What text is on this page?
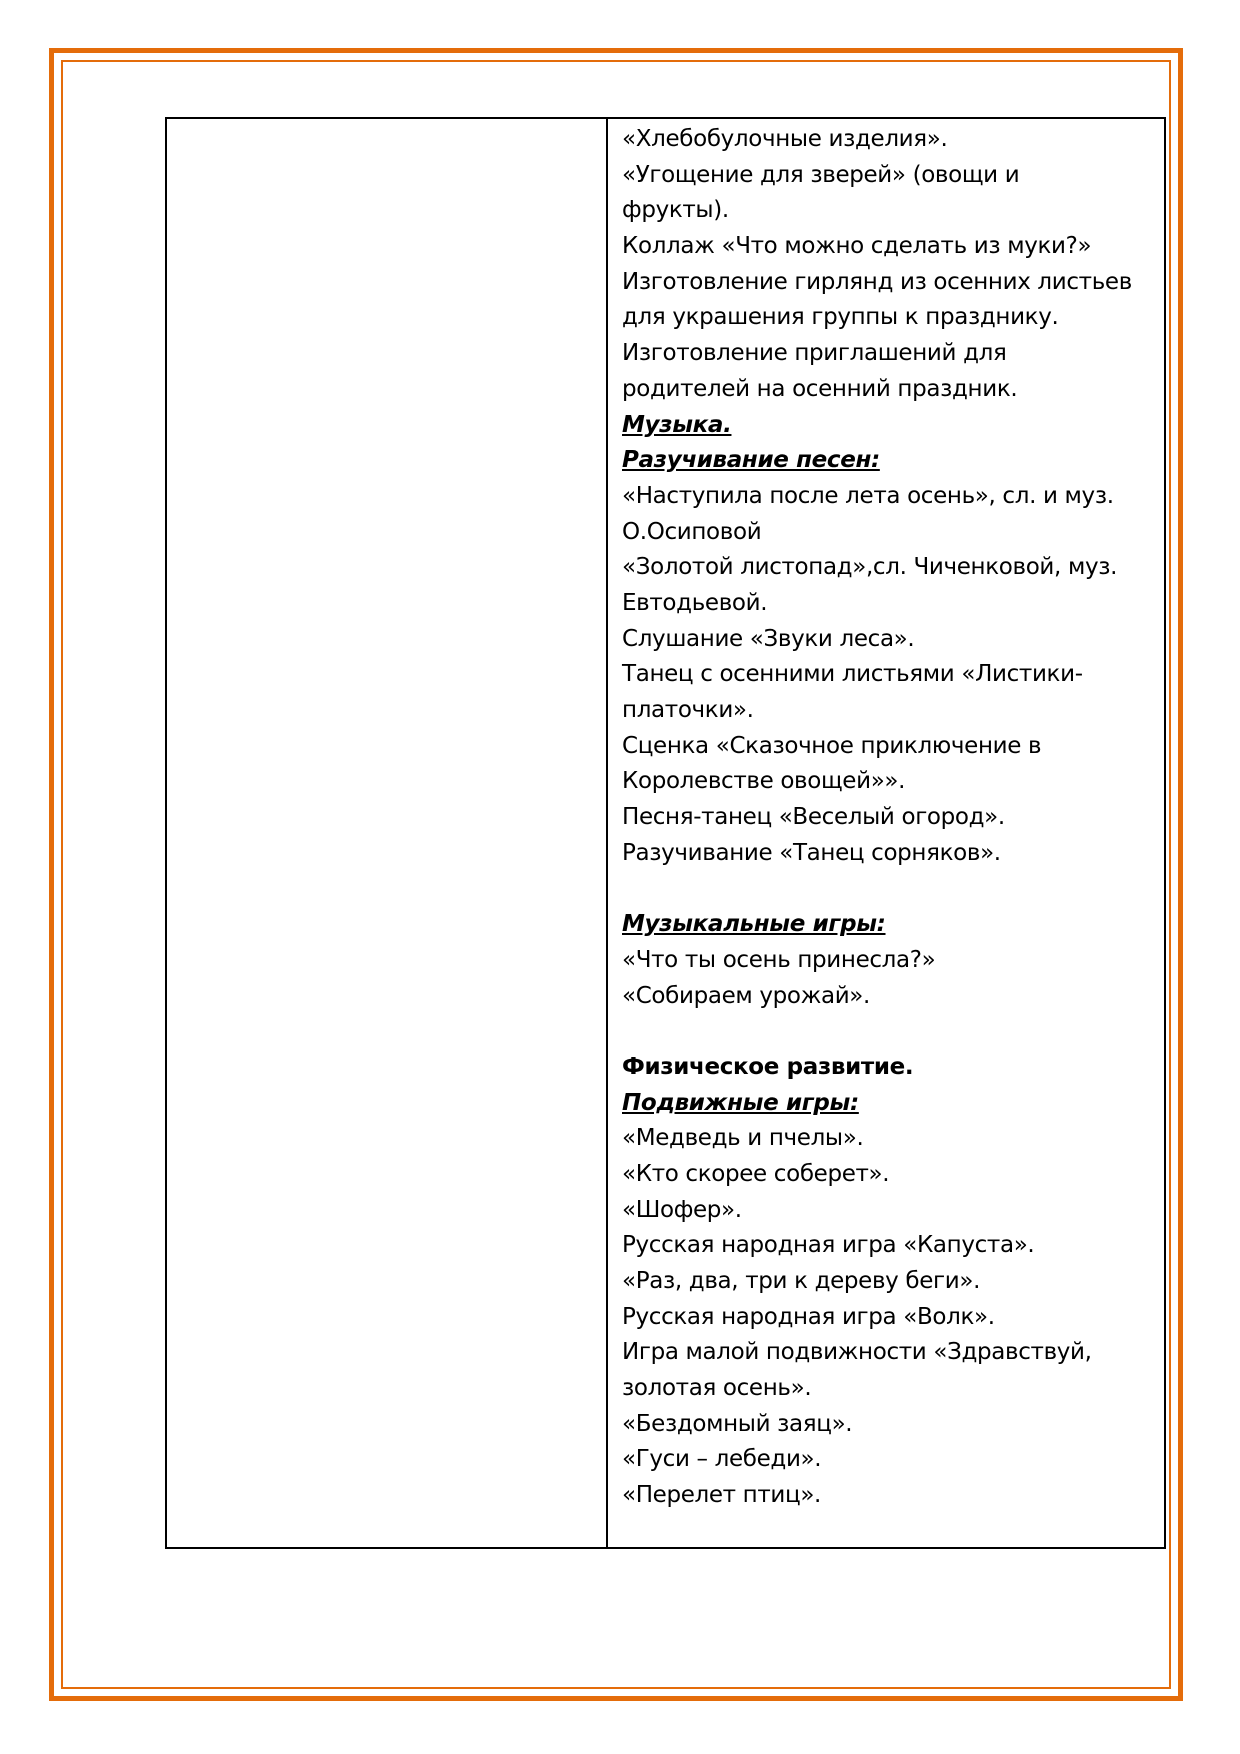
«Хлебобулочные изделия».
«Угощение для зверей» (овощи и
фрукты).
Коллаж «Что можно сделать из муки?»
Изготовление гирлянд из осенних листьев
для украшения группы к празднику.
Изготовление приглашений для
родителей на осенний праздник.
Музыка.
Разучивание песен:
«Наступила после лета осень», сл. и муз.
О.Осиповой
«Золотой листопад»,сл. Чиченковой, муз.
Евтодьевой.
Слушание «Звуки леса».
Танец с осенними листьями «Листики-
платочки».
Сценка «Сказочное приключение в
Королевстве овощей»».
Песня-танец «Веселый огород».
Разучивание «Танец сорняков».
Музыкальные игры:
«Что ты осень принесла?»
«Собираем урожай».
Физическое развитие.
Подвижные игры:
«Медведь и пчелы».
«Кто скорее соберет».
«Шофер».
Русская народная игра «Капуста».
«Раз, два, три к дереву беги».
Русская народная игра «Волк».
Игра малой подвижности «Здравствуй,
золотая осень».
«Бездомный заяц».
«Гуси – лебеди».
«Перелет птиц».
